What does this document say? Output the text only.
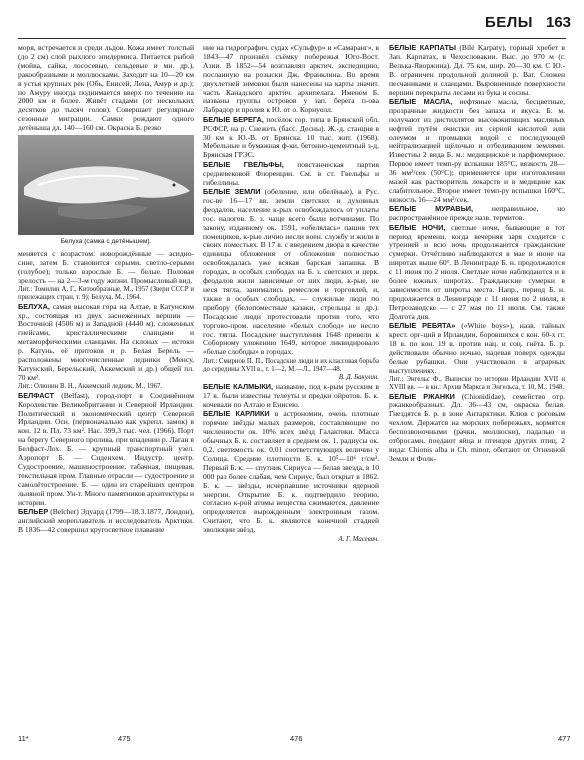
БЕЛЫ 163

моря, встречается и среди льдов. Кожа имеет толстый (до 2 см) слой рыхлого эпидермиса. Питается рыбой (мойва, сайка, лососевые, сельдевые и мн. др.), ракообразными и моллюсками. Заходит на 10—20 км в устья крупных рек (Обь, Енисей, Лена, Амур и др.); по Амуру иногда поднимается вверх по течению на 2000 км и более. Живёт стадами (от нескольких десятков до тысяч голов). Совершает регулярные сезонные миграции. Самки рождают одного детёныша дл. 140—160 см. Окраска Б. резко

Белуха (самка с детёнышем).

меняется с возрастом: новорождённые — асидно-сине, затем Б. становится серыми, светло-серыми (голубое); только взрослые Б. — белые. Половая зрелость — на 2—3-м году жизни. Промысловый вид.

Лит.: Томилин А. Г., Китообразные, М., 1957 (Звери СССР и прилежащих стран, т. 9); Белуха, М., 1964.

БЕЛУХА, самая высокая гора на Алтае, в Катунском хр., состоящая из двух заснеженных вершин — Восточной (4506 м) и Западной (4440 м), сложенных гнейсами, кристаллическими сланцами и метаморфическими сланцами. На склонах — истоки р. Катунь, её притоков и р. Белая Берель — расположены многочисленные ледники (Менсу, Катунский, Берельский, Аккемский и др.) общей пл. 70 км².

Лит.: Олюнин В. Н., Аккемский ледник, М., 1967.

БЕЛФАСТ (Belfast), город-порт в Соединённом Королевстве Великобритании и Северной Ирландии. Политический и экономический центр Северной Ирландии. Осн. (первоначально как укрепл. замок) в кон. 12 в. Пл. 73 км². Нас. 399,3 тыс. чел. (1966). Порт на берегу Северного пролива, при впадении р. Лаган в Белфаст-Лох. Б. — крупный транспортный узел. Аэропорт Б. — Сиденхем. Индустр. центр. Судостроение, машиностроение, табачная, пищевая, текстильная пром. Главные отрасли — судостроение и самолётостроение. Б. — один из старейших центров льняной пром. Ун-т. Много памятников архитектуры и истории.

БЕЛЬЕР (Belcher) Эдуард (1799—18.3.1877, Лондон), английский мореплаватель и исследователь Арктики. В 1836—42 совершил кругосветное плавание

ние на гидрографич. судах «Сульфур» и «Самаранг», в 1843—47 произвёл съёмку побережья Юго-Вост. Азии. В 1852—54 возглавлял арктич. экспедицию, посланную на розыски Дж. Франклина. Во время двухлетней зимовки были нанесены на карты значит. часть Канадского арктич. архипелага. Именем Б. названы группы островов у зап. берега п-ова Лабрадор и пролив к Ю. от о. Корнуолл.

БЕЛЫЕ БЕРЕГА, посёлок гор. типа в Брянской обл. РСФСР, на р. Снежеть (басс. Десны). Ж.-д. станция в 30 км к Ю.-В. от Брянска. 10 тыс. жит. (1968). Мебельные и бумажная ф-ки, бетонно-цементный з-д, Брянская ГРЭС.

БЕЛЫЕ ГВЕЛЬФЫ, повстанческая партия средневековой Флоренции. См. в ст. Гвельфы и гибеллины.

БЕЛЫЕ ЗЕМЛИ (обеление, или обелёные), в Рус. гос-ве 16—17 вв. земли светских и духовных феодалов, население к-рых освобождалось от уплаты гос. налогов. Б. з. чаще всего были вотчинами. По закону, изданному ок. 1591, «обелялась» пашня тех помещиков, к-рые лично несли воен. службу и жили в своих поместьях. В 17 в. с введением двора в качестве единицы обложения от обложения полностью освобождалась уже всякая барская запашка. В городах, в особых слободах на Б. з. светских и церк. феодалов жили зависимые от них люди, к-рые, не неся тягла, занимались ремеслом и торговлей, и, также в особых слободах, — служилые люди по прибору (белопоместные казаки, стрельцы и др.). Посадские люди протестовали против того, что торгово-пром. население «белых слобод» не несло гос. тягла. Посадские выступления 1648 привели к Соборному уложению 1649, которое ликвидировало «белые слободы» в городах.

Лит.: Смирнов П. П., Посадские люди и их классовая борьба до середины XVII в., т. 1—2, М.—Л., 1947—48.

В. Д. Бакулин.

БЕЛЫЕ КАЛМЫКИ, название, под к-рым русским в 17 в. были известны телеуты и предки ойротов. Б. к. кочевали по Алтаю и Енисею.

БЕЛЫЕ КАРЛИКИ в астрономии, очень плотные горячие звёзды малых размеров, составляющие по численности ок. 10% всех звёзд Галактики. Масса обычных Б. к. составляет в среднем ок. 1, радиусы ок. 0,2, светимость ок. 0,01 соответствующих величин у Солнца. Средние плотности Б. к. 10⁵—10⁶ г/см³. Первый Б. к. — спутник Сириуса — белая звезда, в 10 000 раз более слабая, чем Сириус, был открыт в 1862. Б. к. — звёзды, исчерпавшие источники ядерной энергии. Открытие Б. к. подтвердило теорию, согласно к-рой атомы вещества сжимаются, давление определяется вырожденным электронным газом. Считают, что Б. к. являются конечной стадией эволюции звёзд.

А. Г. Масевич.

БЕЛЫЕ КАРПАТЫ (Bílé Karpaty), горный хребет в Зап. Карпатах, в Чехословакии. Выс. до 970 м (г. Велька-Яворжина). Дл. 75 км, шир. 20—30 км. С Ю.-В. ограничен продольной долиной р. Ваг. Сложен песчаниками и сланцами. Выровненные поверхности вершин перекрыты лесами из бука и сосны.

БЕЛЫЕ МАСЛА, нефтяные масла, бесцветные, прозрачные жидкости без запаха и вкуса. Б. м. получают из дистиллятов высококипящих масляных нефтей путём очистки их серной кислотой или олеумом и промывки водой с последующей нейтрализацией щёлочью и отбеливанием землями. Известны 2 вида Б. м.: медицинское и парфюмерное. Первое имеет темп-ру вспышки 185°C, вязкость 28—36 мм²/сек (50°C); применяется при изготовлении мазей как растворитель лекарств и в медицине как слабительное. Второе имеет темп-ру вспышки 160°C, вязкость 16—24 мм²/сек.

БЕЛЫЕ МУРАВЬИ, неправильное, но распространённое прежде назв. термитов.

БЕЛЫЕ НОЧИ, светлые ночи, бывающие в тот период времени, когда вечерняя заря сходится с утренней и всю ночь продолжаются гражданские сумерки. Отчётливо наблюдаются в мае и июне на широтах выше 60°. В Ленинграде Б. н. продолжаются с 11 июня по 2 июля. Светлые ночи наблюдаются и в более южных широтах. Гражданские сумерки в зависимости от широты места. Напр., период Б. н. продолжается в Ленинграде с 11 июня по 2 июля, в Петрозаводске — с 27 мая по 11 июля. См. также Долгота дня.

БЕЛЫЕ РЕБЯТА» («White boys»), назв. тайных крест. орг-ций в Ирландии, боровшихся с кон. 60-х гг. 18 в. по кон. 19 в. против нац. и соц. гнёта. Б. р. действовали обычно ночью, надевая поверх одежды белые рубашки. Они участвовали в аграрных выступлениях.

Лит.: Энгельс Ф., Выписки по истории Ирландии XVII и XVIII вв. — в кн.: Архив Маркса и Энгельса, т. 10, М., 1948.

БЕЛЫЕ РЖАНКИ (Chionididae), семейство отр. ржанкообразных. Дл. 36—43 см, окраска белая. Гнездятся Б. р. в зоне Антарктики. Клюв с роговым чехлом. Держатся на морских побережьях, кормятся беспозвоночными (рачки, моллюски), падалью и отбросами, поедают яйца и птенцов других птиц. 2 вида: Chionis alba и Ch. minor, обитают от Огненной Земли и Фолк-

11*	475	476	477
